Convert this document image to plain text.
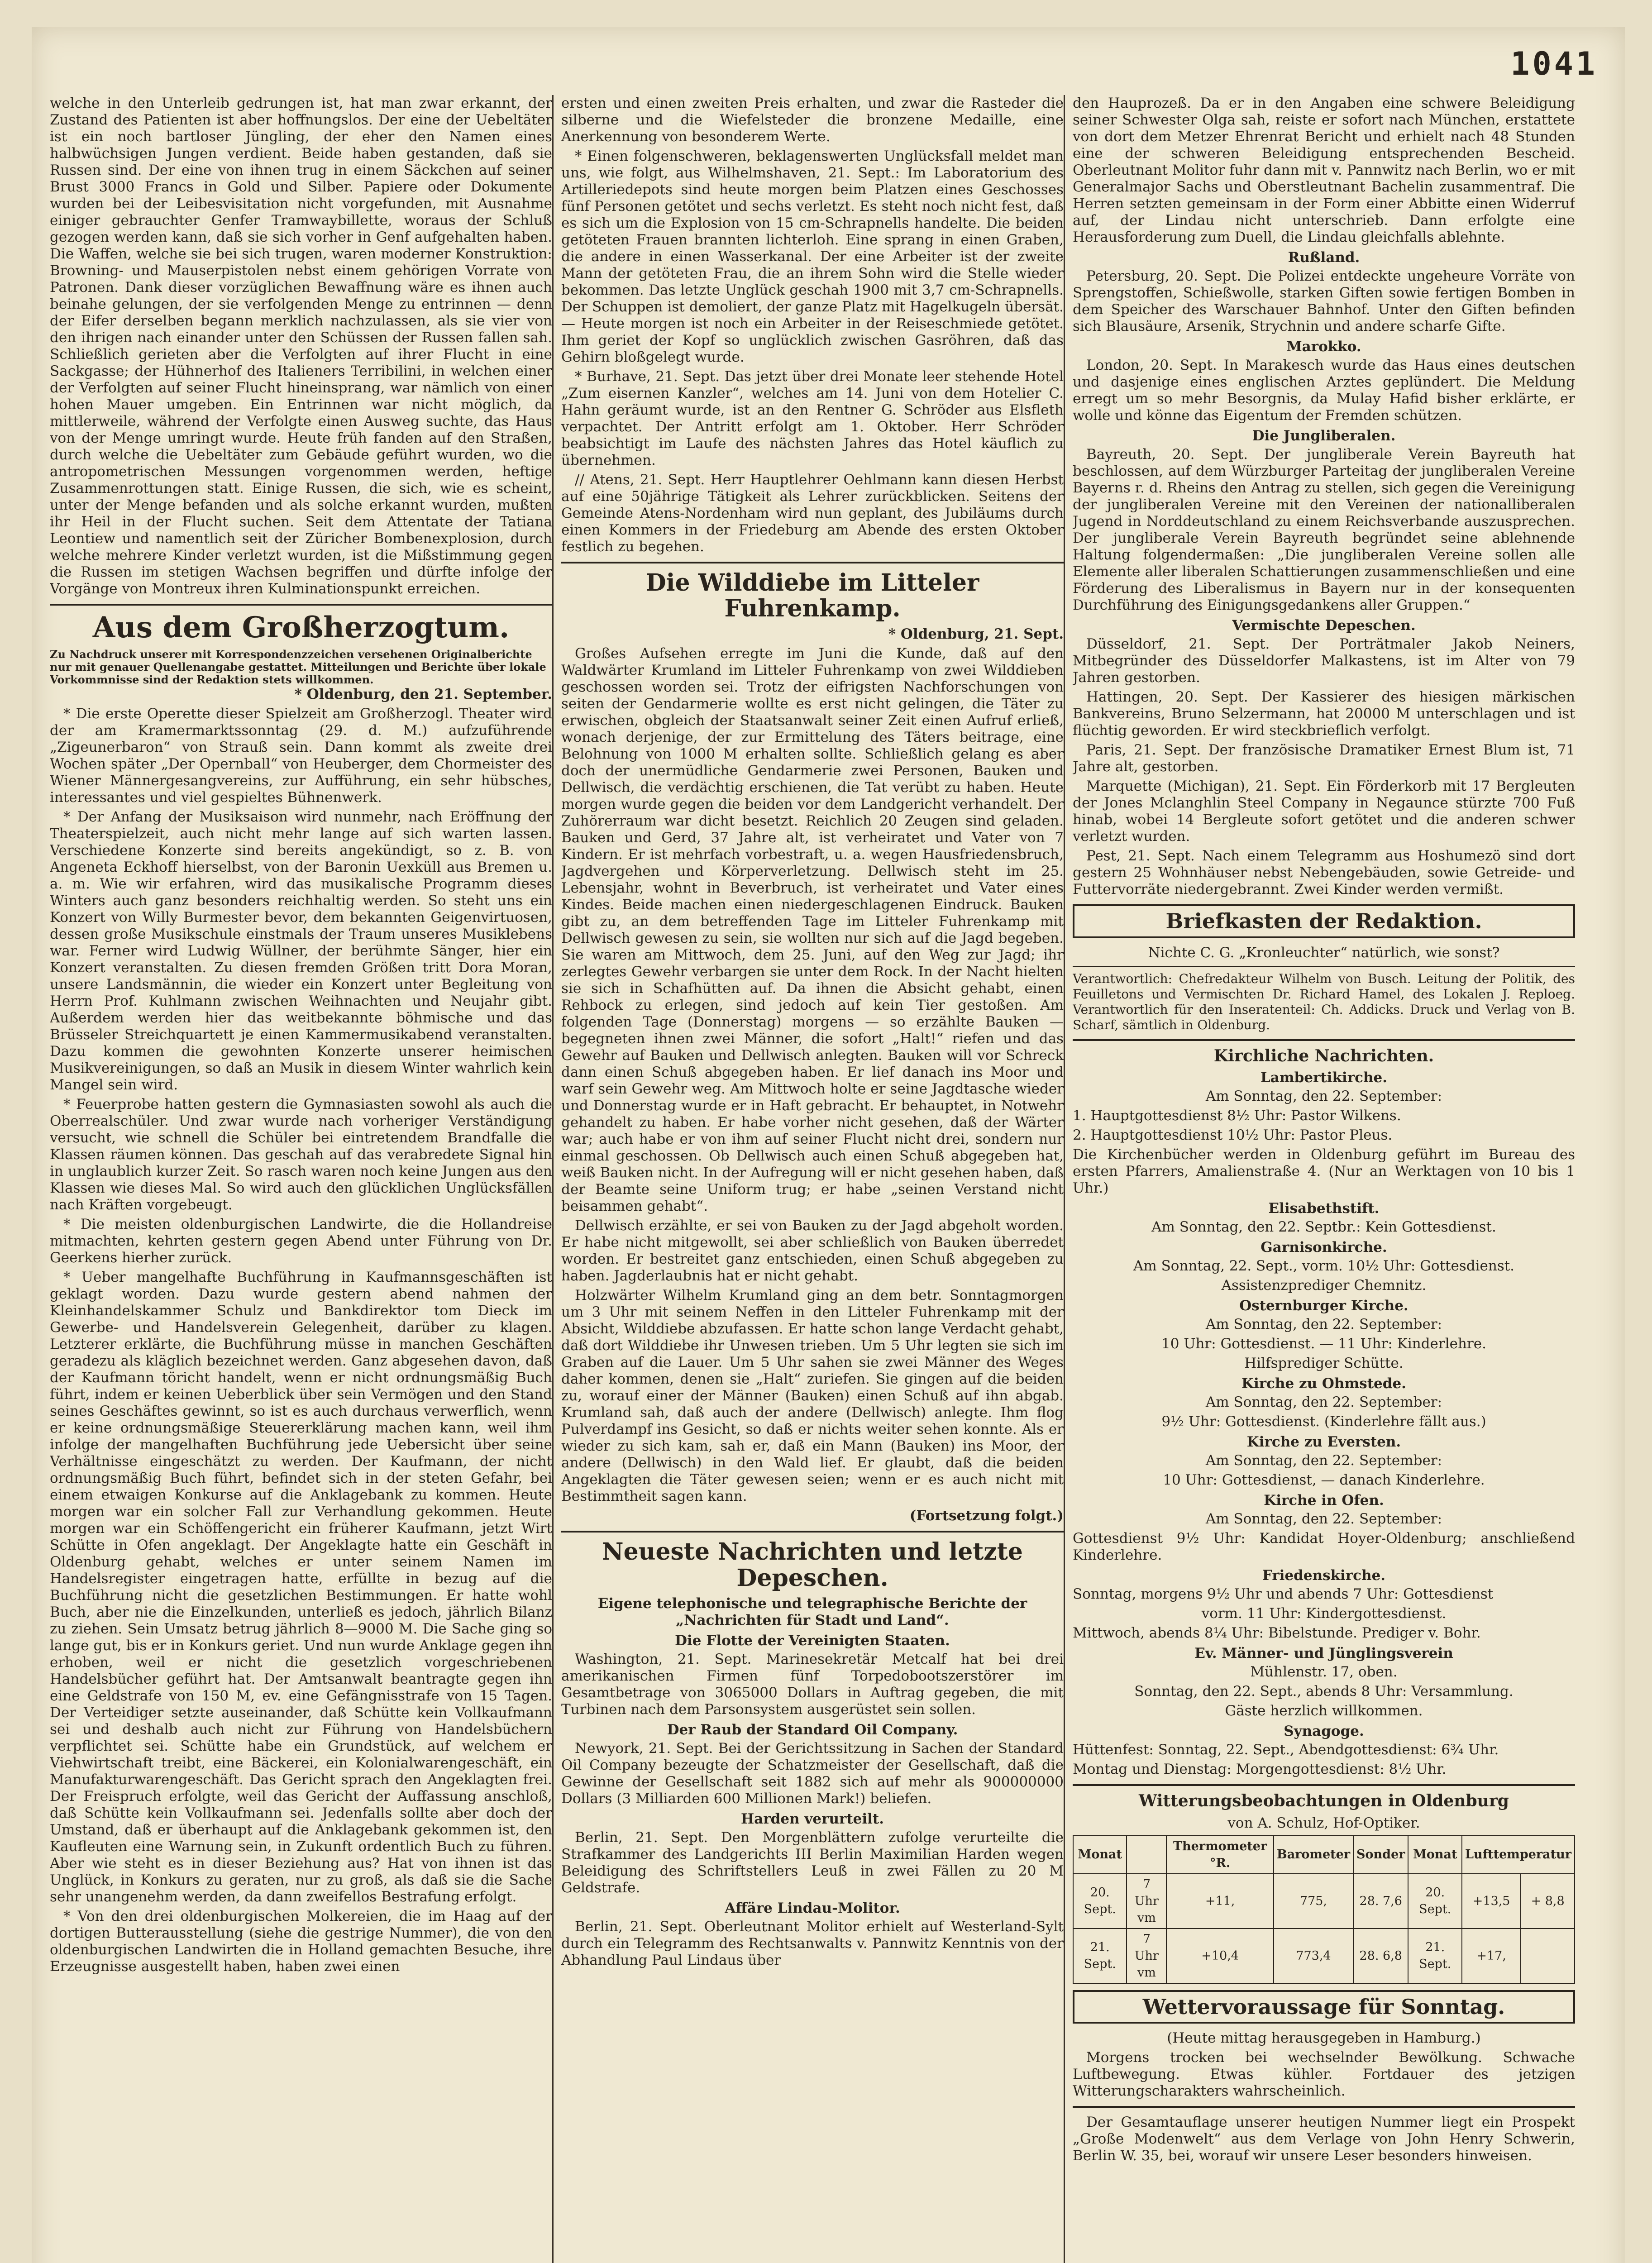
1041

welche in den Unterleib gedrungen ist, hat man zwar erkannt, der Zustand des Patienten ist aber hoffnungslos. Der eine der Uebeltäter ist ein noch bartloser Jüngling, der eher den Namen eines halbwüchsigen Jungen verdient. Beide haben gestanden, daß sie Russen sind. Der eine von ihnen trug in einem Säckchen auf seiner Brust 3000 Francs in Gold und Silber. Papiere oder Dokumente wurden bei der Leibesvisitation nicht vorgefunden, mit Ausnahme einiger gebrauchter Genfer Tramwaybillette, woraus der Schluß gezogen werden kann, daß sie sich vorher in Genf aufgehalten haben. Die Waffen, welche sie bei sich trugen, waren moderner Konstruktion: Browning- und Mauserpistolen nebst einem gehörigen Vorrate von Patronen. Dank dieser vorzüglichen Bewaffnung wäre es ihnen auch beinahe gelungen, der sie verfolgenden Menge zu entrinnen — denn der Eifer derselben begann merklich nachzulassen, als sie vier von den ihrigen nach einander unter den Schüssen der Russen fallen sah. Schließlich gerieten aber die Verfolgten auf ihrer Flucht in eine Sackgasse; der Hühnerhof des Italieners Terribilini, in welchen einer der Verfolgten auf seiner Flucht hineinsprang, war nämlich von einer hohen Mauer umgeben. Ein Entrinnen war nicht möglich, da mittlerweile, während der Verfolgte einen Ausweg suchte, das Haus von der Menge umringt wurde. Heute früh fanden auf den Straßen, durch welche die Uebeltäter zum Gebäude geführt wurden, wo die antropometrischen Messungen vorgenommen werden, heftige Zusammenrottungen statt. Einige Russen, die sich, wie es scheint, unter der Menge befanden und als solche erkannt wurden, mußten ihr Heil in der Flucht suchen. Seit dem Attentate der Tatiana Leontiew und namentlich seit der Züricher Bombenexplosion, durch welche mehrere Kinder verletzt wurden, ist die Mißstimmung gegen die Russen im stetigen Wachsen begriffen und dürfte infolge der Vorgänge von Montreux ihren Kulminationspunkt erreichen.

Aus dem Großherzogtum.
Zu Nachdruck unserer mit Korrespondenzzeichen versehenen Originalberichte nur mit genauer Quellenangabe gestattet. Mitteilungen und Berichte über lokale Vorkommnisse sind der Redaktion stets willkommen.

* Oldenburg, den 21. September.

* Die erste Operette dieser Spielzeit am Großherzogl. Theater wird der am Kramermarktssonntag (29. d. M.) aufzuführende „Zigeunerbaron“ von Strauß sein. Dann kommt als zweite drei Wochen später „Der Opernball“ von Heuberger, dem Chormeister des Wiener Männergesangvereins, zur Aufführung, ein sehr hübsches, interessantes und viel gespieltes Bühnenwerk.

* Der Anfang der Musiksaison wird nunmehr, nach Eröffnung der Theaterspielzeit, auch nicht mehr lange auf sich warten lassen. Verschiedene Konzerte sind bereits angekündigt, so z. B. von Angeneta Eckhoff hierselbst, von der Baronin Uexküll aus Bremen u. a. m. Wie wir erfahren, wird das musikalische Programm dieses Winters auch ganz besonders reichhaltig werden. So steht uns ein Konzert von Willy Burmester bevor, dem bekannten Geigenvirtuosen, dessen große Musikschule einstmals der Traum unseres Musiklebens war. Ferner wird Ludwig Wüllner, der berühmte Sänger, hier ein Konzert veranstalten. Zu diesen fremden Größen tritt Dora Moran, unsere Landsmännin, die wieder ein Konzert unter Begleitung von Herrn Prof. Kuhlmann zwischen Weihnachten und Neujahr gibt. Außerdem werden hier das weitbekannte böhmische und das Brüsseler Streichquartett je einen Kammermusikabend veranstalten. Dazu kommen die gewohnten Konzerte unserer heimischen Musikvereinigungen, so daß an Musik in diesem Winter wahrlich kein Mangel sein wird.

* Feuerprobe hatten gestern die Gymnasiasten sowohl als auch die Oberrealschüler. Und zwar wurde nach vorheriger Verständigung versucht, wie schnell die Schüler bei eintretendem Brandfalle die Klassen räumen können. Das geschah auf das verabredete Signal hin in unglaublich kurzer Zeit. So rasch waren noch keine Jungen aus den Klassen wie dieses Mal. So wird auch den glücklichen Unglücksfällen nach Kräften vorgebeugt.

* Die meisten oldenburgischen Landwirte, die die Hollandreise mitmachten, kehrten gestern gegen Abend unter Führung von Dr. Geerkens hierher zurück.

* Ueber mangelhafte Buchführung in Kaufmannsgeschäften ist geklagt worden. Dazu wurde gestern abend nahmen der Kleinhandelskammer Schulz und Bankdirektor tom Dieck im Gewerbe- und Handelsverein Gelegenheit, darüber zu klagen. Letzterer erklärte, die Buchführung müsse in manchen Geschäften geradezu als kläglich bezeichnet werden. Ganz abgesehen davon, daß der Kaufmann töricht handelt, wenn er nicht ordnungsmäßig Buch führt, indem er keinen Ueberblick über sein Vermögen und den Stand seines Geschäftes gewinnt, so ist es auch durchaus verwerflich, wenn er keine ordnungsmäßige Steuererklärung machen kann, weil ihm infolge der mangelhaften Buchführung jede Uebersicht über seine Verhältnisse eingeschätzt zu werden. Der Kaufmann, der nicht ordnungsmäßig Buch führt, befindet sich in der steten Gefahr, bei einem etwaigen Konkurse auf die Anklagebank zu kommen. Heute morgen war ein solcher Fall zur Verhandlung gekommen. Heute morgen war ein Schöffengericht ein früherer Kaufmann, jetzt Wirt Schütte in Ofen angeklagt. Der Angeklagte hatte ein Geschäft in Oldenburg gehabt, welches er unter seinem Namen im Handelsregister eingetragen hatte, erfüllte in bezug auf die Buchführung nicht die gesetzlichen Bestimmungen. Er hatte wohl Buch, aber nie die Einzelkunden, unterließ es jedoch, jährlich Bilanz zu ziehen. Sein Umsatz betrug jährlich 8—9000 M. Die Sache ging so lange gut, bis er in Konkurs geriet. Und nun wurde Anklage gegen ihn erhoben, weil er nicht die gesetzlich vorgeschriebenen Handelsbücher geführt hat. Der Amtsanwalt beantragte gegen ihn eine Geldstrafe von 150 M, ev. eine Gefängnisstrafe von 15 Tagen. Der Verteidiger setzte auseinander, daß Schütte kein Vollkaufmann sei und deshalb auch nicht zur Führung von Handelsbüchern verpflichtet sei. Schütte habe ein Grundstück, auf welchem er Viehwirtschaft treibt, eine Bäckerei, ein Kolonialwarengeschäft, ein Manufakturwarengeschäft. Das Gericht sprach den Angeklagten frei. Der Freispruch erfolgte, weil das Gericht der Auffassung anschloß, daß Schütte kein Vollkaufmann sei. Jedenfalls sollte aber doch der Umstand, daß er überhaupt auf die Anklagebank gekommen ist, den Kaufleuten eine Warnung sein, in Zukunft ordentlich Buch zu führen. Aber wie steht es in dieser Beziehung aus? Hat von ihnen ist das Unglück, in Konkurs zu geraten, nur zu groß, als daß sie die Sache sehr unangenehm werden, da dann zweifellos Bestrafung erfolgt.

* Von den drei oldenburgischen Molkereien, die im Haag auf der dortigen Butterausstellung (siehe die gestrige Nummer), die von den oldenburgischen Landwirten die in Holland gemachten Besuche, ihre Erzeugnisse ausgestellt haben, haben zwei einen

ersten und einen zweiten Preis erhalten, und zwar die Rasteder die silberne und die Wiefelsteder die bronzene Medaille, eine Anerkennung von besonderem Werte.

* Einen folgenschweren, beklagenswerten Unglücksfall meldet man uns, wie folgt, aus Wilhelmshaven, 21. Sept.: Im Laboratorium des Artilleriedepots sind heute morgen beim Platzen eines Geschosses fünf Personen getötet und sechs verletzt. Es steht noch nicht fest, daß es sich um die Explosion von 15 cm-Schrapnells handelte. Die beiden getöteten Frauen brannten lichterloh. Eine sprang in einen Graben, die andere in einen Wasserkanal. Der eine Arbeiter ist der zweite Mann der getöteten Frau, die an ihrem Sohn wird die Stelle wieder bekommen. Das letzte Unglück geschah 1900 mit 3,7 cm-Schrapnells. Der Schuppen ist demoliert, der ganze Platz mit Hagelkugeln übersät. — Heute morgen ist noch ein Arbeiter in der Reiseschmiede getötet. Ihm geriet der Kopf so unglücklich zwischen Gasröhren, daß das Gehirn bloßgelegt wurde.

* Burhave, 21. Sept. Das jetzt über drei Monate leer stehende Hotel „Zum eisernen Kanzler“, welches am 14. Juni von dem Hotelier C. Hahn geräumt wurde, ist an den Rentner G. Schröder aus Elsfleth verpachtet. Der Antritt erfolgt am 1. Oktober. Herr Schröder beabsichtigt im Laufe des nächsten Jahres das Hotel käuflich zu übernehmen.

// Atens, 21. Sept. Herr Hauptlehrer Oehlmann kann diesen Herbst auf eine 50jährige Tätigkeit als Lehrer zurückblicken. Seitens der Gemeinde Atens-Nordenham wird nun geplant, des Jubiläums durch einen Kommers in der Friedeburg am Abende des ersten Oktober festlich zu begehen.

Die Wilddiebe im Litteler Fuhrenkamp.

* Oldenburg, 21. Sept.

Großes Aufsehen erregte im Juni die Kunde, daß auf den Waldwärter Krumland im Litteler Fuhrenkamp von zwei Wilddieben geschossen worden sei. Trotz der eifrigsten Nachforschungen von seiten der Gendarmerie wollte es erst nicht gelingen, die Täter zu erwischen, obgleich der Staatsanwalt seiner Zeit einen Aufruf erließ, wonach derjenige, der zur Ermittelung des Täters beitrage, eine Belohnung von 1000 M erhalten sollte. Schließlich gelang es aber doch der unermüdliche Gendarmerie zwei Personen, Bauken und Dellwisch, die verdächtig erschienen, die Tat verübt zu haben. Heute morgen wurde gegen die beiden vor dem Landgericht verhandelt. Der Zuhörerraum war dicht besetzt. Reichlich 20 Zeugen sind geladen. Bauken und Gerd, 37 Jahre alt, ist verheiratet und Vater von 7 Kindern. Er ist mehrfach vorbestraft, u. a. wegen Hausfriedensbruch, Jagdvergehen und Körperverletzung. Dellwisch steht im 25. Lebensjahr, wohnt in Beverbruch, ist verheiratet und Vater eines Kindes. Beide machen einen niedergeschlagenen Eindruck. Bauken gibt zu, an dem betreffenden Tage im Litteler Fuhrenkamp mit Dellwisch gewesen zu sein, sie wollten nur sich auf die Jagd begeben. Sie waren am Mittwoch, dem 25. Juni, auf den Weg zur Jagd; ihr zerlegtes Gewehr verbargen sie unter dem Rock. In der Nacht hielten sie sich in Schafhütten auf. Da ihnen die Absicht gehabt, einen Rehbock zu erlegen, sind jedoch auf kein Tier gestoßen. Am folgenden Tage (Donnerstag) morgens — so erzählte Bauken — begegneten ihnen zwei Männer, die sofort „Halt!“ riefen und das Gewehr auf Bauken und Dellwisch anlegten. Bauken will vor Schreck dann einen Schuß abgegeben haben. Er lief danach ins Moor und warf sein Gewehr weg. Am Mittwoch holte er seine Jagdtasche wieder und Donnerstag wurde er in Haft gebracht. Er behauptet, in Notwehr gehandelt zu haben. Er habe vorher nicht gesehen, daß der Wärter war; auch habe er von ihm auf seiner Flucht nicht drei, sondern nur einmal geschossen. Ob Dellwisch auch einen Schuß abgegeben hat, weiß Bauken nicht. In der Aufregung will er nicht gesehen haben, daß der Beamte seine Uniform trug; er habe „seinen Verstand nicht beisammen gehabt“.

Dellwisch erzählte, er sei von Bauken zu der Jagd abgeholt worden. Er habe nicht mitgewollt, sei aber schließlich von Bauken überredet worden. Er bestreitet ganz entschieden, einen Schuß abgegeben zu haben. Jagderlaubnis hat er nicht gehabt.

Holzwärter Wilhelm Krumland ging an dem betr. Sonntagmorgen um 3 Uhr mit seinem Neffen in den Litteler Fuhrenkamp mit der Absicht, Wilddiebe abzufassen. Er hatte schon lange Verdacht gehabt, daß dort Wilddiebe ihr Unwesen trieben. Um 5 Uhr legten sie sich im Graben auf die Lauer. Um 5 Uhr sahen sie zwei Männer des Weges daher kommen, denen sie „Halt“ zuriefen. Sie gingen auf die beiden zu, worauf einer der Männer (Bauken) einen Schuß auf ihn abgab. Krumland sah, daß auch der andere (Dellwisch) anlegte. Ihm flog Pulverdampf ins Gesicht, so daß er nichts weiter sehen konnte. Als er wieder zu sich kam, sah er, daß ein Mann (Bauken) ins Moor, der andere (Dellwisch) in den Wald lief. Er glaubt, daß die beiden Angeklagten die Täter gewesen seien; wenn er es auch nicht mit Bestimmtheit sagen kann.

(Fortsetzung folgt.)

Neueste Nachrichten und letzte Depeschen.
Eigene telephonische und telegraphische Berichte der „Nachrichten für Stadt und Land“.
Die Flotte der Vereinigten Staaten.

Washington, 21. Sept. Marinesekretär Metcalf hat bei drei amerikanischen Firmen fünf Torpedobootszerstörer im Gesamtbetrage von 3065000 Dollars in Auftrag gegeben, die mit Turbinen nach dem Parsonsystem ausgerüstet sein sollen.

Der Raub der Standard Oil Company.

Newyork, 21. Sept. Bei der Gerichtssitzung in Sachen der Standard Oil Company bezeugte der Schatzmeister der Gesellschaft, daß die Gewinne der Gesellschaft seit 1882 sich auf mehr als 900000000 Dollars (3 Milliarden 600 Millionen Mark!) beliefen.

Harden verurteilt.

Berlin, 21. Sept. Den Morgenblättern zufolge verurteilte die Strafkammer des Landgerichts III Berlin Maximilian Harden wegen Beleidigung des Schriftstellers Leuß in zwei Fällen zu 20 M Geldstrafe.

Affäre Lindau-Molitor.

Berlin, 21. Sept. Oberleutnant Molitor erhielt auf Westerland-Sylt durch ein Telegramm des Rechtsanwalts v. Pannwitz Kenntnis von der Abhandlung Paul Lindaus über

den Hauprozeß. Da er in den Angaben eine schwere Beleidigung seiner Schwester Olga sah, reiste er sofort nach München, erstattete von dort dem Metzer Ehrenrat Bericht und erhielt nach 48 Stunden eine der schweren Beleidigung entsprechenden Bescheid. Oberleutnant Molitor fuhr dann mit v. Pannwitz nach Berlin, wo er mit Generalmajor Sachs und Oberstleutnant Bachelin zusammentraf. Die Herren setzten gemeinsam in der Form einer Abbitte einen Widerruf auf, der Lindau nicht unterschrieb. Dann erfolgte eine Herausforderung zum Duell, die Lindau gleichfalls ablehnte.

Rußland.

Petersburg, 20. Sept. Die Polizei entdeckte ungeheure Vorräte von Sprengstoffen, Schießwolle, starken Giften sowie fertigen Bomben in dem Speicher des Warschauer Bahnhof. Unter den Giften befinden sich Blausäure, Arsenik, Strychnin und andere scharfe Gifte.

Marokko.

London, 20. Sept. In Marakesch wurde das Haus eines deutschen und dasjenige eines englischen Arztes geplündert. Die Meldung erregt um so mehr Besorgnis, da Mulay Hafid bisher erklärte, er wolle und könne das Eigentum der Fremden schützen.

Die Jungliberalen.

Bayreuth, 20. Sept. Der jungliberale Verein Bayreuth hat beschlossen, auf dem Würzburger Parteitag der jungliberalen Vereine Bayerns r. d. Rheins den Antrag zu stellen, sich gegen die Vereinigung der jungliberalen Vereine mit den Vereinen der nationalliberalen Jugend in Norddeutschland zu einem Reichsverbande auszusprechen. Der jungliberale Verein Bayreuth begründet seine ablehnende Haltung folgendermaßen: „Die jungliberalen Vereine sollen alle Elemente aller liberalen Schattierungen zusammenschließen und eine Förderung des Liberalismus in Bayern nur in der konsequenten Durchführung des Einigungsgedankens aller Gruppen.“

Vermischte Depeschen.

Düsseldorf, 21. Sept. Der Porträtmaler Jakob Neiners, Mitbegründer des Düsseldorfer Malkastens, ist im Alter von 79 Jahren gestorben.

Hattingen, 20. Sept. Der Kassierer des hiesigen märkischen Bankvereins, Bruno Selzermann, hat 20000 M unterschlagen und ist flüchtig geworden. Er wird steckbrieflich verfolgt.

Paris, 21. Sept. Der französische Dramatiker Ernest Blum ist, 71 Jahre alt, gestorben.

Marquette (Michigan), 21. Sept. Ein Förderkorb mit 17 Bergleuten der Jones Mclanghlin Steel Company in Negaunce stürzte 700 Fuß hinab, wobei 14 Bergleute sofort getötet und die anderen schwer verletzt wurden.

Pest, 21. Sept. Nach einem Telegramm aus Hoshumezö sind dort gestern 25 Wohnhäuser nebst Nebengebäuden, sowie Getreide- und Futtervorräte niedergebrannt. Zwei Kinder werden vermißt.

Briefkasten der Redaktion.

Nichte C. G. „Kronleuchter“ natürlich, wie sonst?

Verantwortlich: Chefredakteur Wilhelm von Busch. Leitung der Politik, des Feuilletons und Vermischten Dr. Richard Hamel, des Lokalen J. Reploeg. Verantwortlich für den Inseratenteil: Ch. Addicks. Druck und Verlag von B. Scharf, sämtlich in Oldenburg.

Kirchliche Nachrichten.
Lambertikirche.

Am Sonntag, den 22. September:

1. Hauptgottesdienst 8½ Uhr: Pastor Wilkens.

2. Hauptgottesdienst 10½ Uhr: Pastor Pleus.

Die Kirchenbücher werden in Oldenburg geführt im Bureau des ersten Pfarrers, Amalienstraße 4. (Nur an Werktagen von 10 bis 1 Uhr.)

Elisabethstift.

Am Sonntag, den 22. Septbr.: Kein Gottesdienst.

Garnisonkirche.

Am Sonntag, 22. Sept., vorm. 10½ Uhr: Gottesdienst.

Assistenzprediger Chemnitz.

Osternburger Kirche.

Am Sonntag, den 22. September:

10 Uhr: Gottesdienst. — 11 Uhr: Kinderlehre.

Hilfsprediger Schütte.

Kirche zu Ohmstede.

Am Sonntag, den 22. September:

9½ Uhr: Gottesdienst. (Kinderlehre fällt aus.)

Kirche zu Eversten.

Am Sonntag, den 22. September:

10 Uhr: Gottesdienst, — danach Kinderlehre.

Kirche in Ofen.

Am Sonntag, den 22. September:

Gottesdienst 9½ Uhr: Kandidat Hoyer-Oldenburg; anschließend Kinderlehre.

Friedenskirche.

Sonntag, morgens 9½ Uhr und abends 7 Uhr: Gottesdienst

vorm. 11 Uhr: Kindergottesdienst.

Mittwoch, abends 8¼ Uhr: Bibelstunde. Prediger v. Bohr.

Ev. Männer- und Jünglingsverein

Mühlenstr. 17, oben.

Sonntag, den 22. Sept., abends 8 Uhr: Versammlung.

Gäste herzlich willkommen.

Synagoge.

Hüttenfest: Sonntag, 22. Sept., Abendgottesdienst: 6¾ Uhr.

Montag und Dienstag: Morgengottesdienst: 8½ Uhr.

Witterungsbeobachtungen in Oldenburg
von A. Schulz, Hof-Optiker.
Monat		Thermometer °R.	Barometer	Sonder	Monat	Lufttemperatur	
20. Sept.	7 Uhr vm	+11,	775,	28. 7,6	20. Sept.	+13,5	+ 8,8
21. Sept.	7 Uhr vm	+10,4	773,4	28. 6,8	21. Sept.	+17,	
Wettervoraussage für Sonntag.

(Heute mittag herausgegeben in Hamburg.)

Morgens trocken bei wechselnder Bewölkung. Schwache Luftbewegung. Etwas kühler. Fortdauer des jetzigen Witterungscharakters wahrscheinlich.

Der Gesamtauflage unserer heutigen Nummer liegt ein Prospekt „Große Modenwelt“ aus dem Verlage von John Henry Schwerin, Berlin W. 35, bei, worauf wir unsere Leser besonders hinweisen.
